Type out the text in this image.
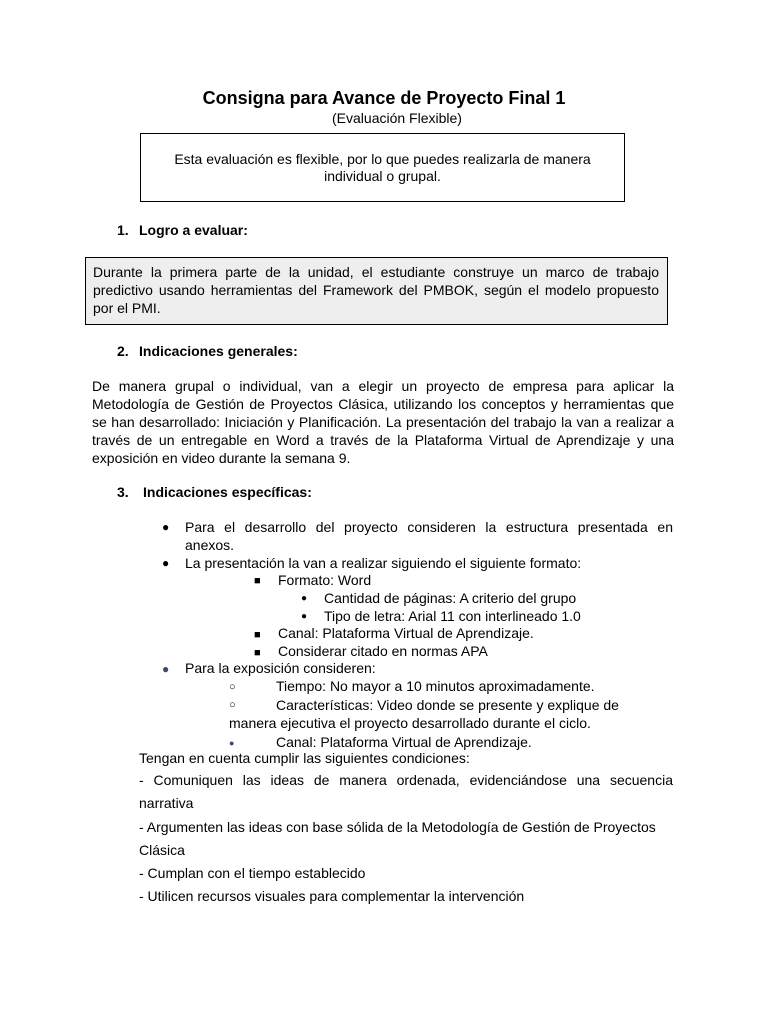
Consigna para Avance de Proyecto Final 1
(Evaluación Flexible)
Esta evaluación es flexible, por lo que puedes realizarla de manera individual o grupal.
1. Logro a evaluar:
Durante la primera parte de la unidad, el estudiante construye un marco de trabajo predictivo usando herramientas del Framework del PMBOK, según el modelo propuesto por el PMI.
2. Indicaciones generales:
De manera grupal o individual, van a elegir un proyecto de empresa para aplicar la Metodología de Gestión de Proyectos Clásica, utilizando los conceptos y herramientas que se han desarrollado: Iniciación y Planificación. La presentación del trabajo la van a realizar a través de un entregable en Word a través de la Plataforma Virtual de Aprendizaje y una exposición en video durante la semana 9.
3. Indicaciones específicas:
● Para el desarrollo del proyecto consideren la estructura presentada en anexos.
● La presentación la van a realizar siguiendo el siguiente formato:
■ Formato: Word
● Cantidad de páginas: A criterio del grupo
● Tipo de letra: Arial 11 con interlineado 1.0
■ Canal: Plataforma Virtual de Aprendizaje.
■ Considerar citado en normas APA
● Para la exposición consideren:
○	Tiempo: No mayor a 10 minutos aproximadamente.
○	Características: Video donde se presente y explique de
manera ejecutiva el proyecto desarrollado durante el ciclo.
●	Canal: Plataforma Virtual de Aprendizaje.
Tengan en cuenta cumplir las siguientes condiciones:
- Comuniquen las ideas de manera ordenada, evidenciándose una secuencia narrativa
- Argumenten las ideas con base sólida de la Metodología de Gestión de Proyectos Clásica
- Cumplan con el tiempo establecido
- Utilicen recursos visuales para complementar la intervención
